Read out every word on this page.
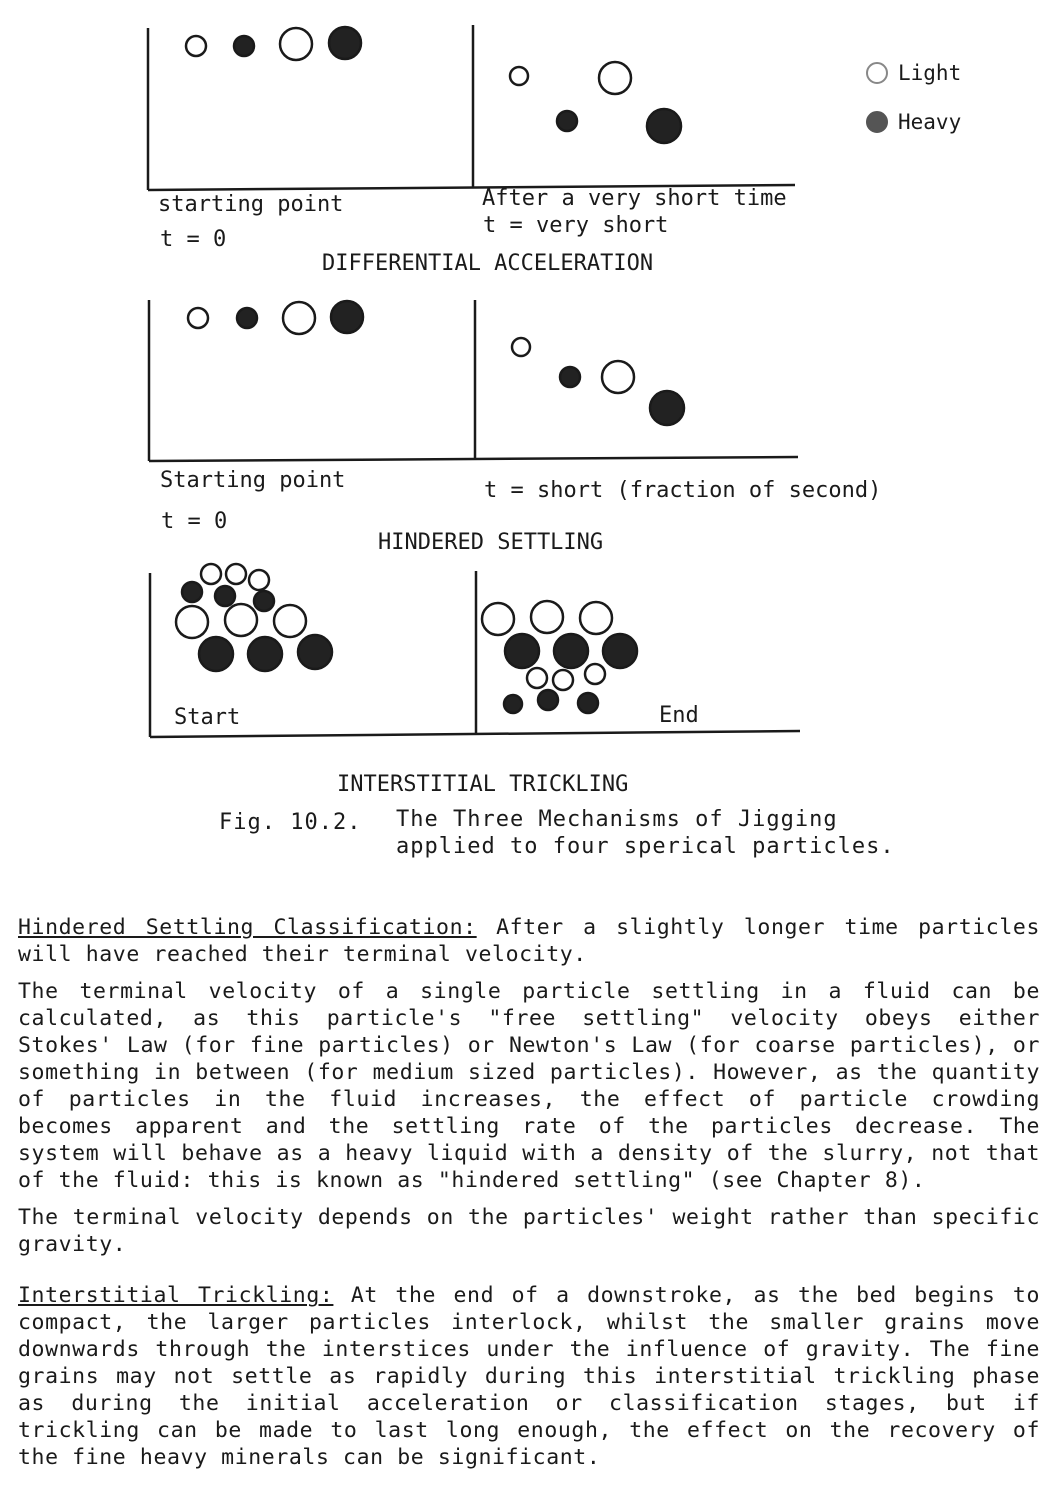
Light
Heavy
starting point
t = 0
After a very short time
t = very short
DIFFERENTIAL ACCELERATION
Starting point
t = 0
t = short (fraction of second)
HINDERED SETTLING
Start	End
INTERSTITIAL TRICKLING
Fig. 10.2. The Three Mechanisms of Jigging
applied to four sperical particles.

Hindered Settling Classification: After a slightly longer time particles will have reached their terminal velocity.

The terminal velocity of a single particle settling in a fluid can be calculated, as this particle's "free settling" velocity obeys either Stokes' Law (for fine particles) or Newton's Law (for coarse particles), or something in between (for medium sized particles). However, as the quantity of particles in the fluid increases, the effect of particle crowding becomes apparent and the settling rate of the particles decrease. The system will behave as a heavy liquid with a density of the slurry, not that of the fluid: this is known as "hindered settling" (see Chapter 8).

The terminal velocity depends on the particles' weight rather than specific gravity.

Interstitial Trickling: At the end of a downstroke, as the bed begins to compact, the larger particles interlock, whilst the smaller grains move downwards through the interstices under the influence of gravity. The fine grains may not settle as rapidly during this interstitial trickling phase as during the initial acceleration or classification stages, but if trickling can be made to last long enough, the effect on the recovery of the fine heavy minerals can be significant.
